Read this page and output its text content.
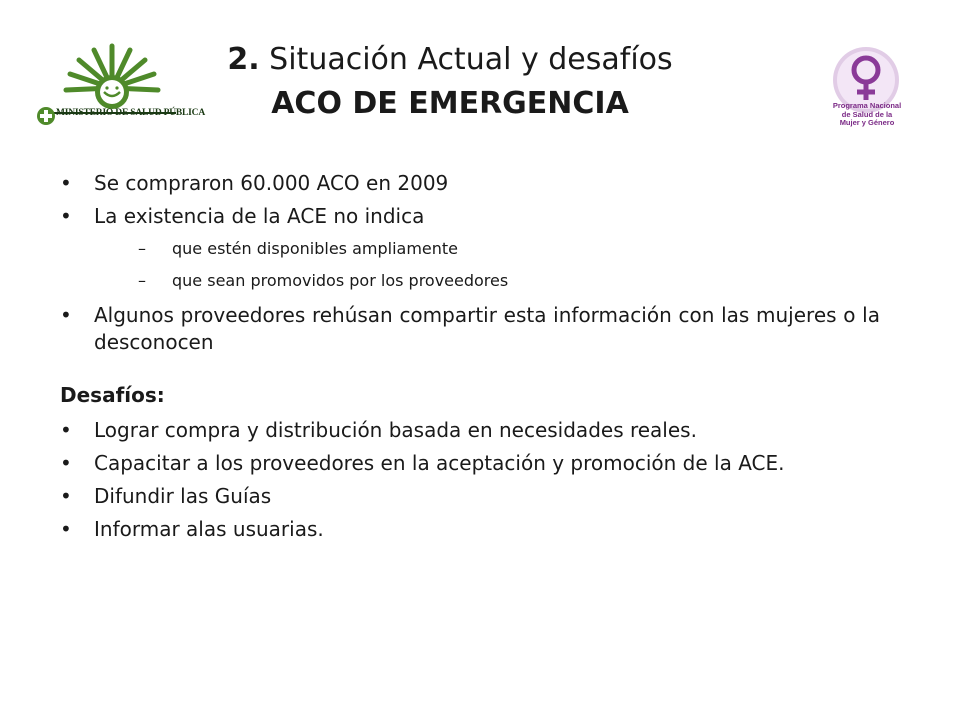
MINISTERIO DE SALUD PÚBLICA
2. Situación Actual y desafíos
ACO DE EMERGENCIA	Programa Nacional
de Salud de la
Mujer y Género
• Se compraron 60.000 ACO en 2009
• La existencia de la ACE no indica
– que estén disponibles ampliamente
– que sean promovidos por los proveedores
• Algunos proveedores rehúsan compartir esta información con las mujeres o la desconocen
Desafíos:
• Lograr compra y distribución basada en necesidades reales.
• Capacitar a los proveedores en la aceptación y promoción de la ACE.
• Difundir las Guías
• Informar alas usuarias.
